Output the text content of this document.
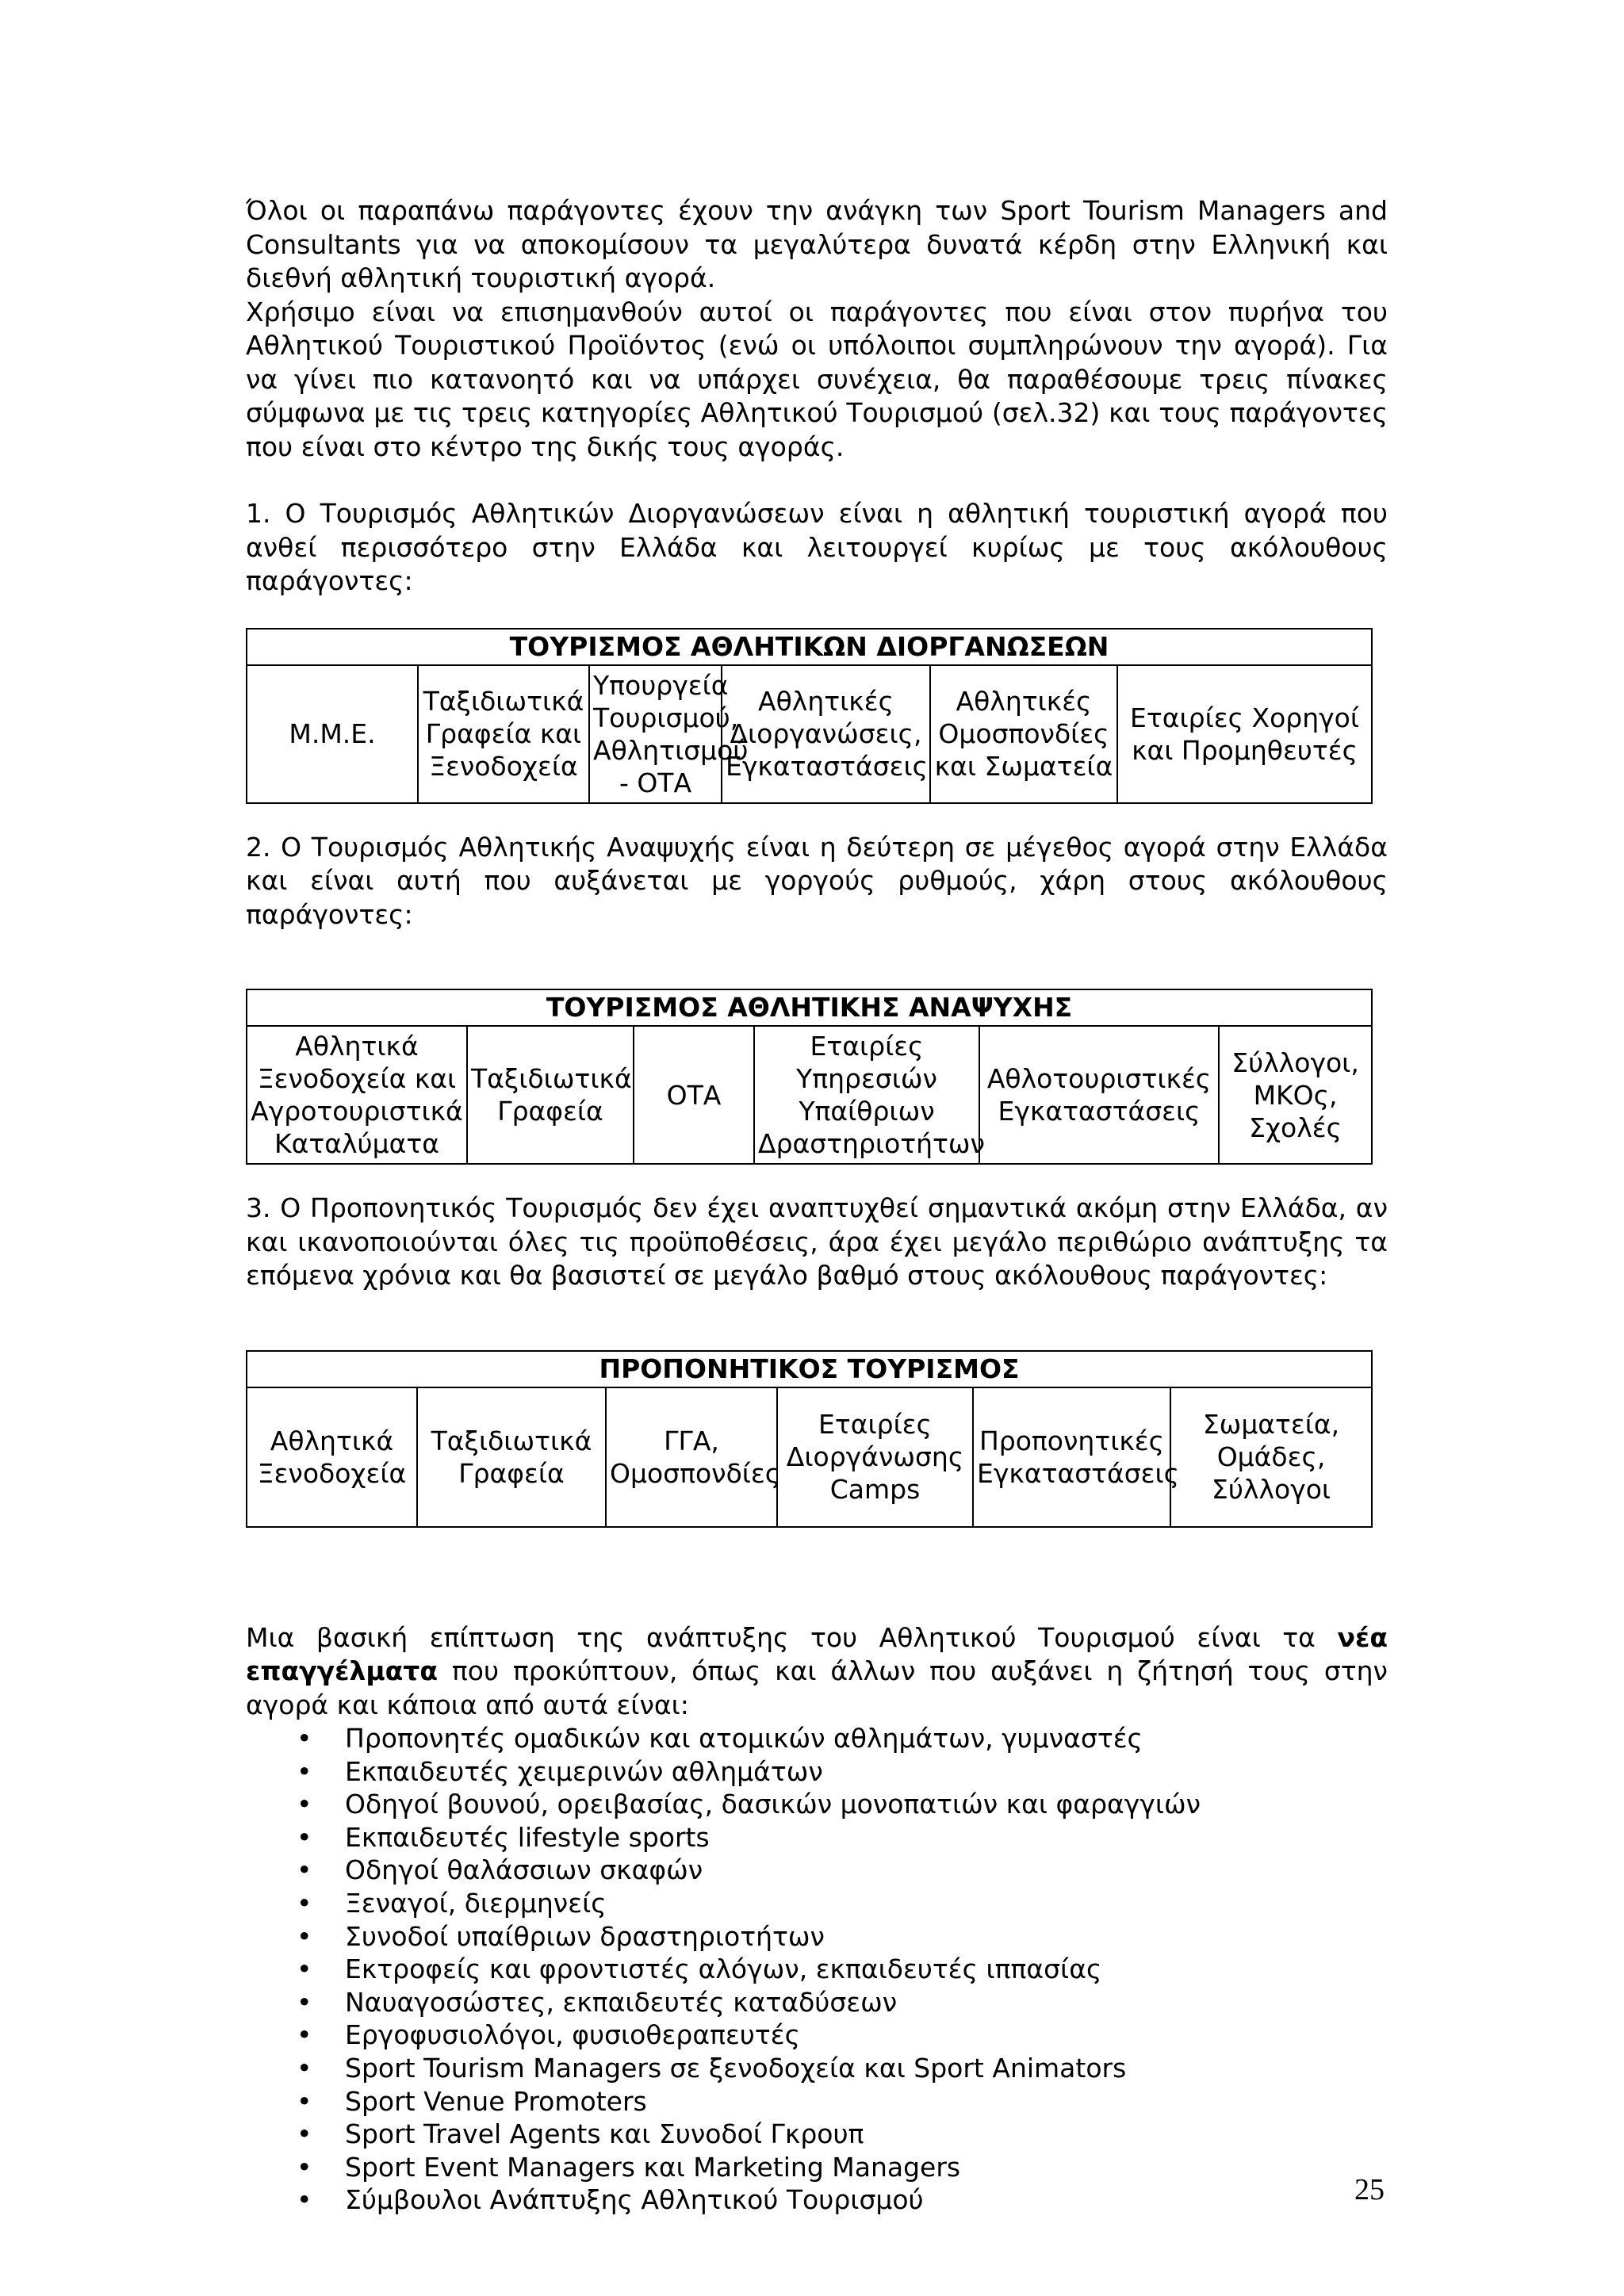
Όλοι οι παραπάνω παράγοντες έχουν την ανάγκη των Sport Tourism Managers and Consultants για να αποκομίσουν τα μεγαλύτερα δυνατά κέρδη στην Ελληνική και διεθνή αθλητική τουριστική αγορά.

Χρήσιμο είναι να επισημανθούν αυτοί οι παράγοντες που είναι στον πυρήνα του Αθλητικού Τουριστικού Προϊόντος (ενώ οι υπόλοιποι συμπληρώνουν την αγορά). Για να γίνει πιο κατανοητό και να υπάρχει συνέχεια, θα παραθέσουμε τρεις πίνακες σύμφωνα με τις τρεις κατηγορίες Αθλητικού Τουρισμού (σελ.32) και τους παράγοντες που είναι στο κέντρο της δικής τους αγοράς.

1. Ο Τουρισμός Αθλητικών Διοργανώσεων είναι η αθλητική τουριστική αγορά που ανθεί περισσότερο στην Ελλάδα και λειτουργεί κυρίως με τους ακόλουθους παράγοντες:

ΤΟΥΡΙΣΜΟΣ ΑΘΛΗΤΙΚΩΝ ΔΙΟΡΓΑΝΩΣΕΩΝ
Μ.Μ.Ε.	Ταξιδιωτικά Γραφεία και Ξενοδοχεία	Υπουργεία Τουρισμού, Αθλητισμού - ΟΤΑ	Αθλητικές Διοργανώσεις, Εγκαταστάσεις	Αθλητικές Ομοσπονδίες και Σωματεία	Εταιρίες Χορηγοί και Προμηθευτές

2. Ο Τουρισμός Αθλητικής Αναψυχής είναι η δεύτερη σε μέγεθος αγορά στην Ελλάδα και είναι αυτή που αυξάνεται με γοργούς ρυθμούς, χάρη στους ακόλουθους παράγοντες:

ΤΟΥΡΙΣΜΟΣ ΑΘΛΗΤΙΚΗΣ ΑΝΑΨΥΧΗΣ
Αθλητικά Ξενοδοχεία και Αγροτουριστικά Καταλύματα	Ταξιδιωτικά Γραφεία	ΟΤΑ	Εταιρίες Υπηρεσιών Υπαίθριων Δραστηριοτήτων	Αθλοτουριστικές Εγκαταστάσεις	Σύλλογοι, ΜΚΟς, Σχολές

3. Ο Προπονητικός Τουρισμός δεν έχει αναπτυχθεί σημαντικά ακόμη στην Ελλάδα, αν και ικανοποιούνται όλες τις προϋποθέσεις, άρα έχει μεγάλο περιθώριο ανάπτυξης τα επόμενα χρόνια και θα βασιστεί σε μεγάλο βαθμό στους ακόλουθους παράγοντες:

ΠΡΟΠΟΝΗΤΙΚΟΣ ΤΟΥΡΙΣΜΟΣ
Αθλητικά Ξενοδοχεία	Ταξιδιωτικά Γραφεία	ΓΓΑ, Ομοσπονδίες	Εταιρίες Διοργάνωσης Camps	Προπονητικές Εγκαταστάσεις	Σωματεία, Ομάδες, Σύλλογοι

Μια βασική επίπτωση της ανάπτυξης του Αθλητικού Τουρισμού είναι τα νέα επαγγέλματα που προκύπτουν, όπως και άλλων που αυξάνει η ζήτησή τους στην αγορά και κάποια από αυτά είναι:

• Προπονητές ομαδικών και ατομικών αθλημάτων, γυμναστές
• Εκπαιδευτές χειμερινών αθλημάτων
• Οδηγοί βουνού, ορειβασίας, δασικών μονοπατιών και φαραγγιών
• Εκπαιδευτές lifestyle sports
• Οδηγοί θαλάσσιων σκαφών
• Ξεναγοί, διερμηνείς
• Συνοδοί υπαίθριων δραστηριοτήτων
• Εκτροφείς και φροντιστές αλόγων, εκπαιδευτές ιππασίας
• Ναυαγοσώστες, εκπαιδευτές καταδύσεων
• Εργοφυσιολόγοι, φυσιοθεραπευτές
• Sport Tourism Managers σε ξενοδοχεία και Sport Animators
• Sport Venue Promoters
• Sport Travel Agents και Συνοδοί Γκρουπ
• Sport Event Managers και Marketing Managers
• Σύμβουλοι Ανάπτυξης Αθλητικού Τουρισμού	25
